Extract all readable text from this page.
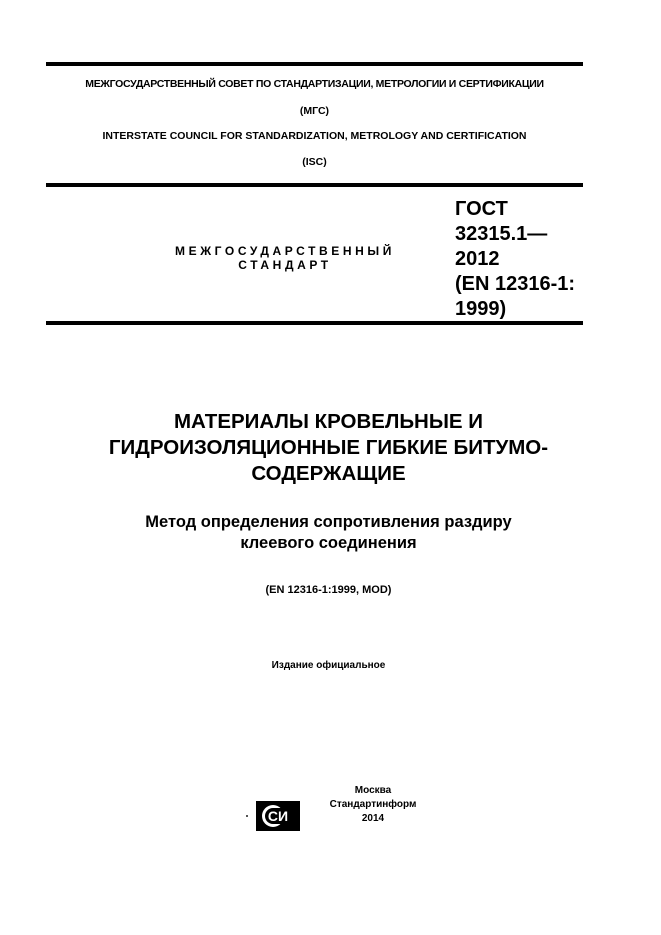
МЕЖГОСУДАРСТВЕННЫЙ СОВЕТ ПО СТАНДАРТИЗАЦИИ, МЕТРОЛОГИИ И СЕРТИФИКАЦИИ
(МГС)
INTERSTATE COUNCIL FOR STANDARDIZATION, METROLOGY AND CERTIFICATION
(ISC)
МЕЖГОСУДАРСТВЕННЫЙ
СТАНДАРТ
ГОСТ
32315.1—
2012
(EN 12316-1:
1999)
МАТЕРИАЛЫ КРОВЕЛЬНЫЕ И
ГИДРОИЗОЛЯЦИОННЫЕ ГИБКИЕ БИТУМО-
СОДЕРЖАЩИЕ
Метод определения сопротивления раздиру
клеевого соединения
(EN 12316-1:1999, MOD)
Издание официальное
СИ
Москва
Стандартинформ
2014
